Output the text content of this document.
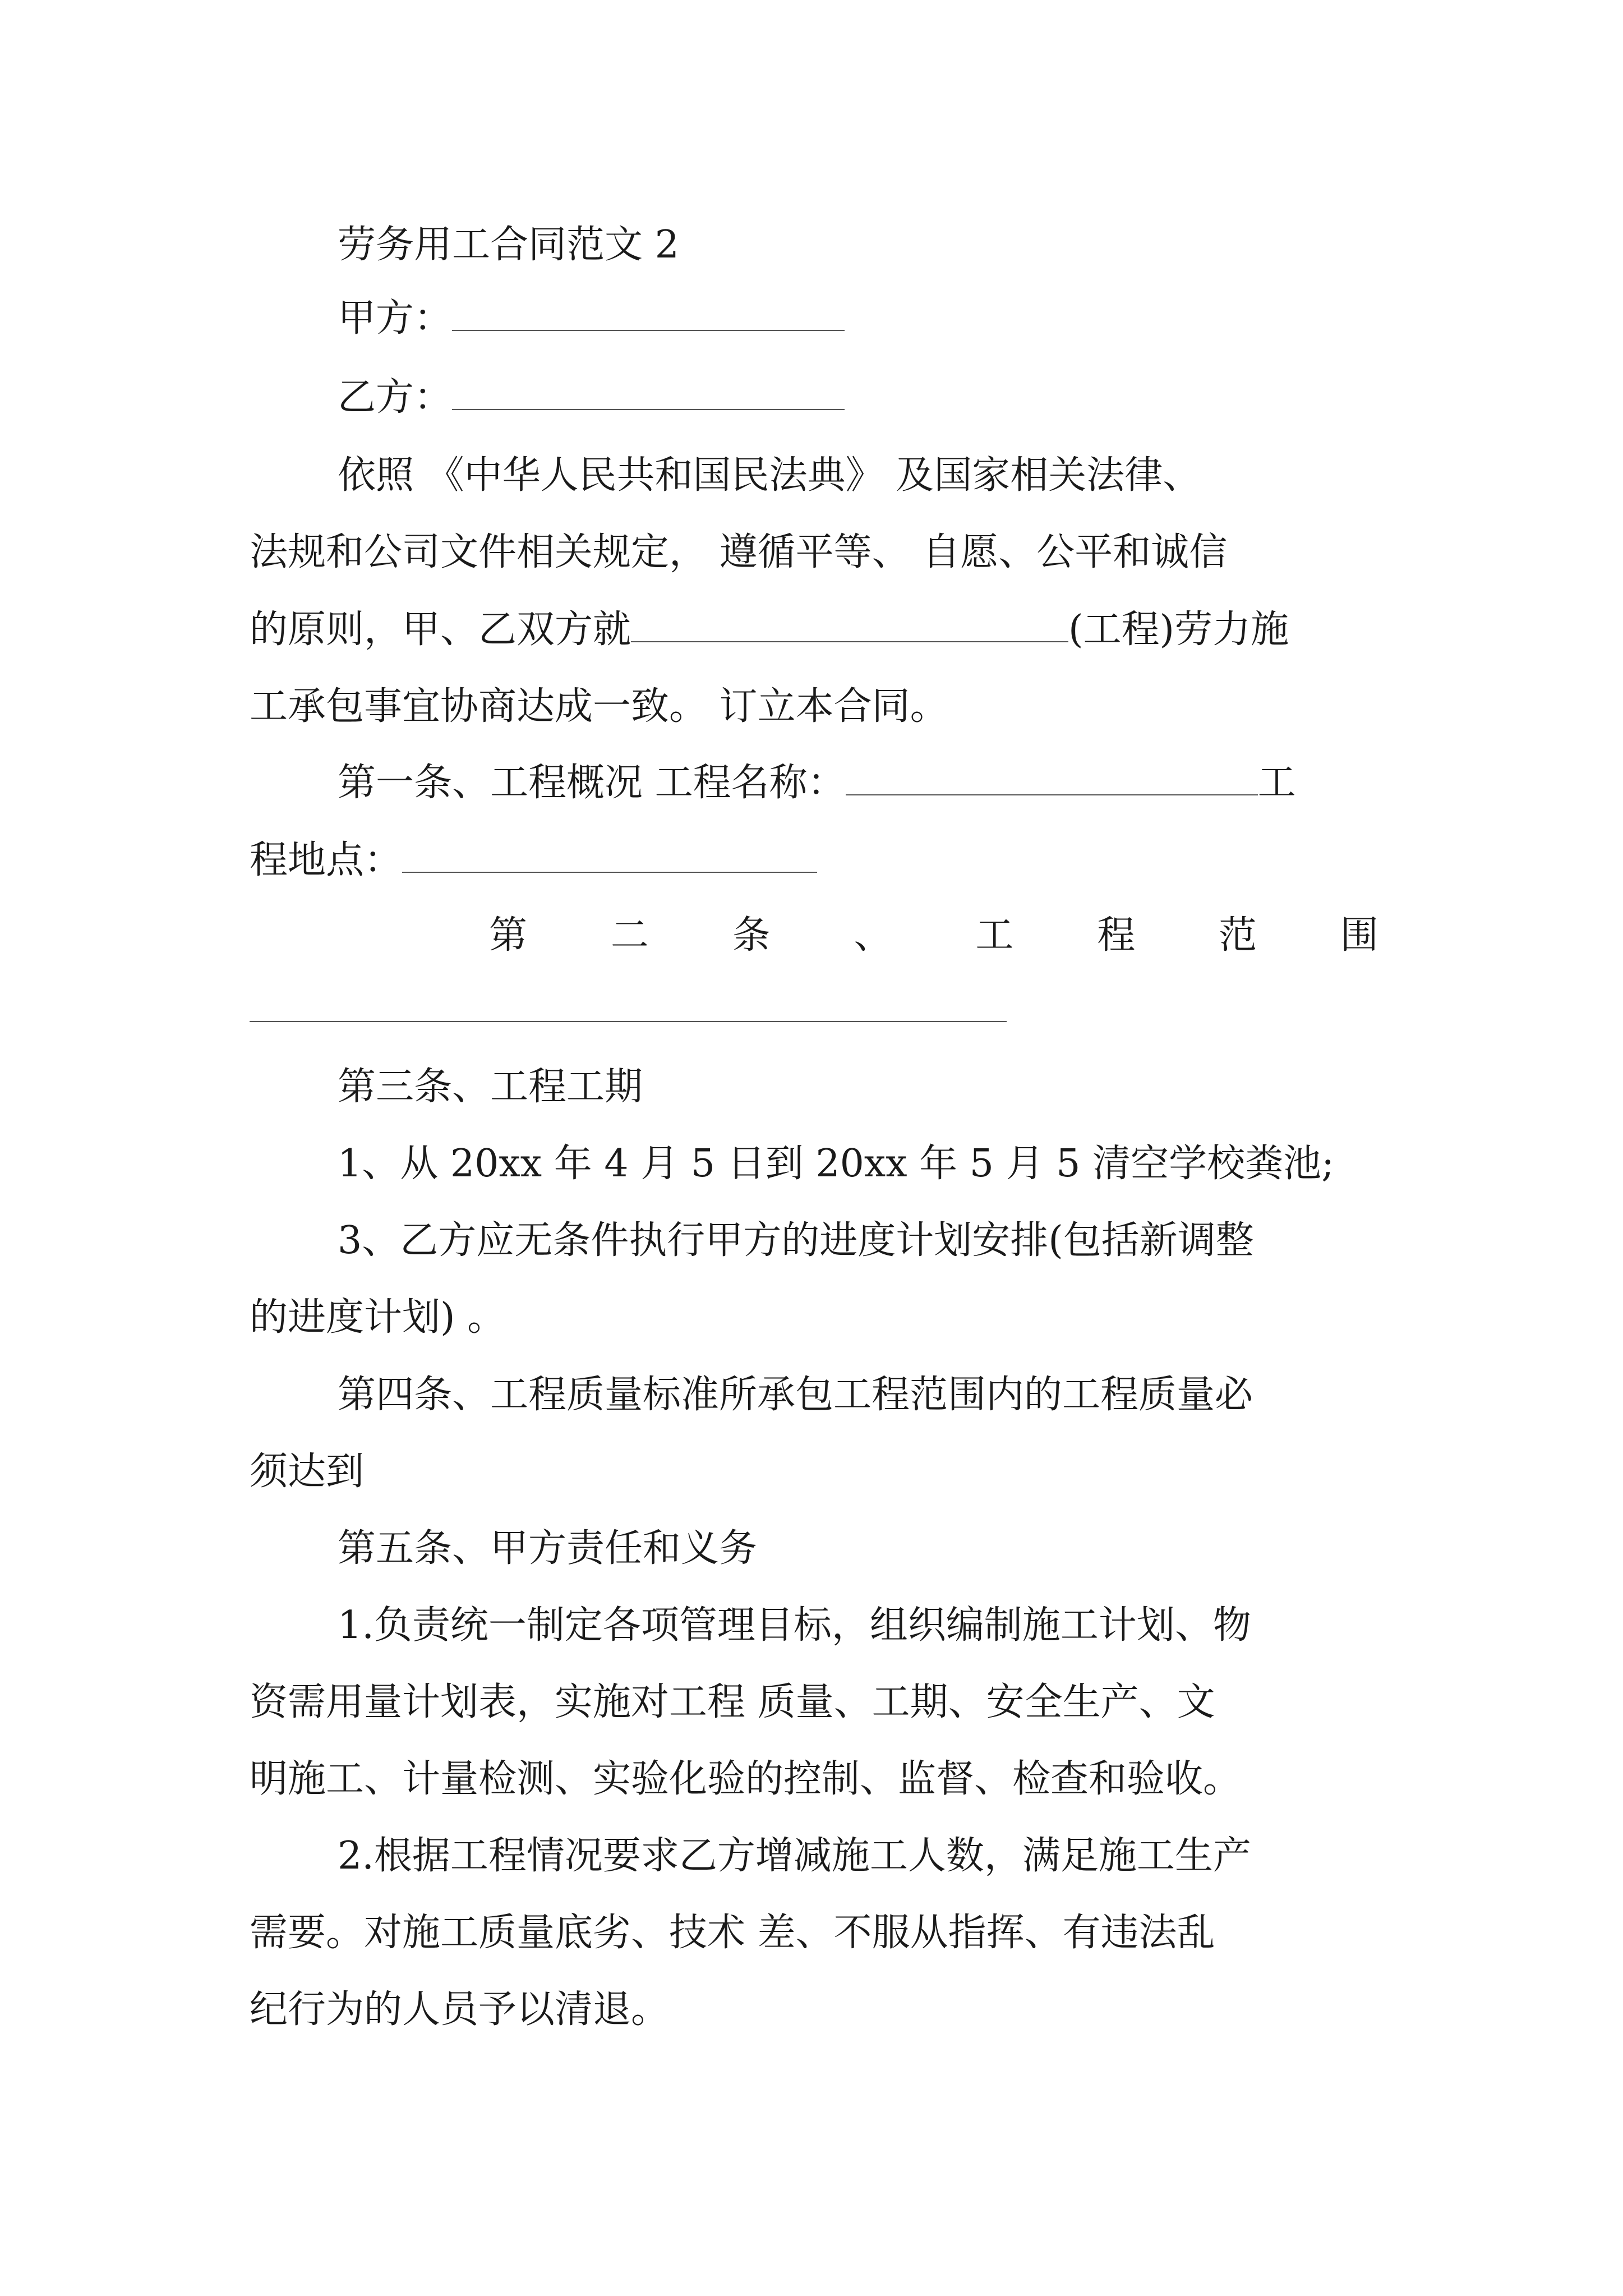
劳务用工合同范文 2
甲方：
乙方：
依照 《中华人民共和国民法典》 及国家相关法律、
法规和公司文件相关规定， 遵循平等、 自愿、公平和诚信
的原则，甲、乙双方就	(工程)劳力施
工承包事宜协商达成一致。 订立本合同。
第一条、工程概况 工程名称：	工
程地点：
第 二 条 、 工 程 范 围
第三条、工程工期
1、从 20xx 年 4 月 5 日到 20xx 年 5 月 5 清空学校粪池;
3、乙方应无条件执行甲方的进度计划安排(包括新调整
的进度计划) 。
第四条、工程质量标准所承包工程范围内的工程质量必
须达到
第五条、甲方责任和义务
1.负责统一制定各项管理目标，组织编制施工计划、物
资需用量计划表，实施对工程 质量、工期、安全生产、文
明施工、计量检测、实验化验的控制、监督、检查和验收。
2.根据工程情况要求乙方增减施工人数，满足施工生产
需要。对施工质量底劣、技术 差、不服从指挥、有违法乱
纪行为的人员予以清退。
